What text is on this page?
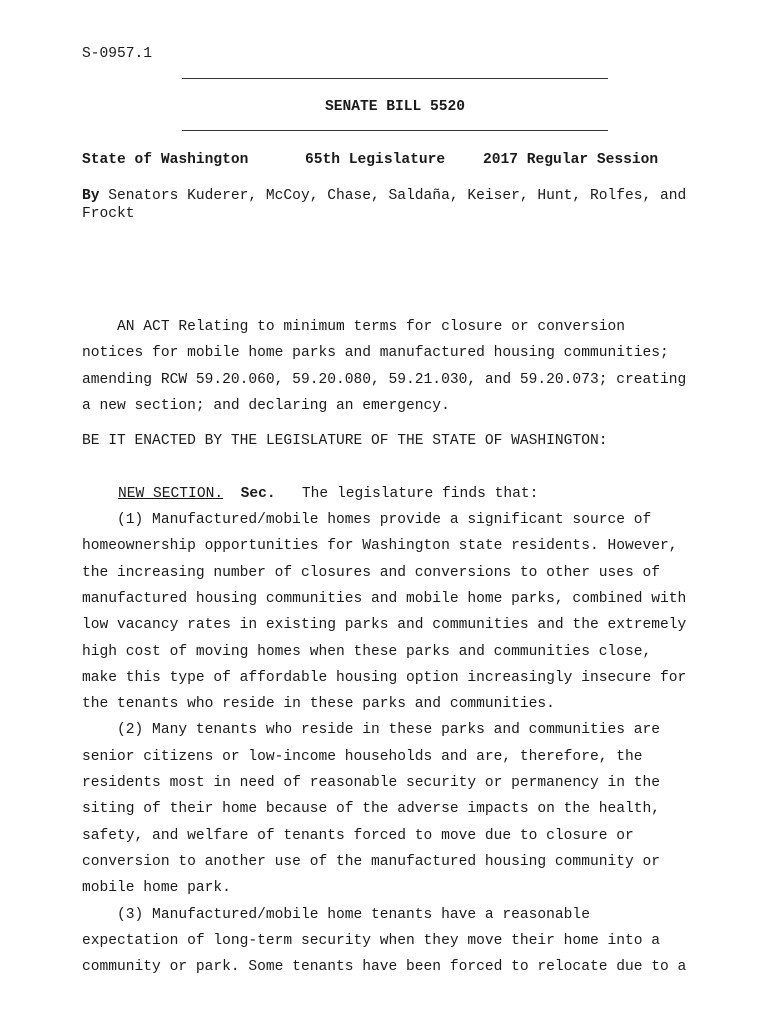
S-0957.1
SENATE BILL 5520
State of Washington	65th Legislature	2017 Regular Session
By Senators Kuderer, McCoy, Chase, Saldaña, Keiser, Hunt, Rolfes, and
Frockt
AN ACT Relating to minimum terms for closure or conversion
notices for mobile home parks and manufactured housing communities;
amending RCW 59.20.060, 59.20.080, 59.21.030, and 59.20.073; creating
a new section; and declaring an emergency.
BE IT ENACTED BY THE LEGISLATURE OF THE STATE OF WASHINGTON:
NEW SECTION. Sec. The legislature finds that:
(1) Manufactured/mobile homes provide a significant source of
homeownership opportunities for Washington state residents. However,
the increasing number of closures and conversions to other uses of
manufactured housing communities and mobile home parks, combined with
low vacancy rates in existing parks and communities and the extremely
high cost of moving homes when these parks and communities close,
make this type of affordable housing option increasingly insecure for
the tenants who reside in these parks and communities.
(2) Many tenants who reside in these parks and communities are
senior citizens or low-income households and are, therefore, the
residents most in need of reasonable security or permanency in the
siting of their home because of the adverse impacts on the health,
safety, and welfare of tenants forced to move due to closure or
conversion to another use of the manufactured housing community or
mobile home park.
(3) Manufactured/mobile home tenants have a reasonable
expectation of long-term security when they move their home into a
community or park. Some tenants have been forced to relocate due to a
